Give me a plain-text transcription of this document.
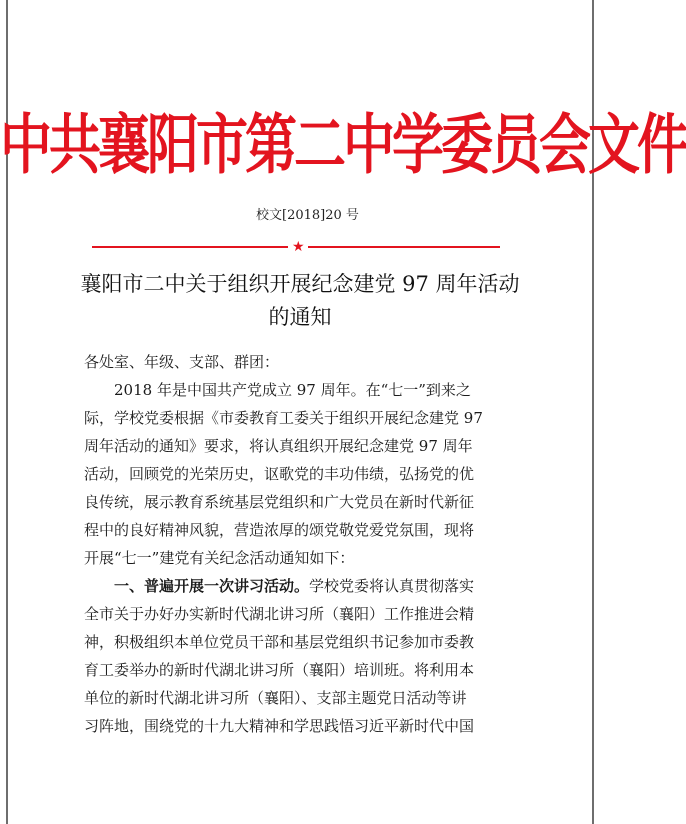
中共襄阳市第二中学委员会文件
校文[2018]20 号
★
襄阳市二中关于组织开展纪念建党 97 周年活动
的通知
各处室、年级、支部、群团：
　　2018 年是中国共产党成立 97 周年。在“七一”到来之
际，学校党委根据《市委教育工委关于组织开展纪念建党 97
周年活动的通知》要求，将认真组织开展纪念建党 97 周年
活动，回顾党的光荣历史，讴歌党的丰功伟绩，弘扬党的优
良传统，展示教育系统基层党组织和广大党员在新时代新征
程中的良好精神风貌，营造浓厚的颂党敬党爱党氛围，现将
开展“七一”建党有关纪念活动通知如下：
　　一、普遍开展一次讲习活动。学校党委将认真贯彻落实
全市关于办好办实新时代湖北讲习所（襄阳）工作推进会精
神，积极组织本单位党员干部和基层党组织书记参加市委教
育工委举办的新时代湖北讲习所（襄阳）培训班。将利用本
单位的新时代湖北讲习所（襄阳）、支部主题党日活动等讲
习阵地，围绕党的十九大精神和学思践悟习近平新时代中国
